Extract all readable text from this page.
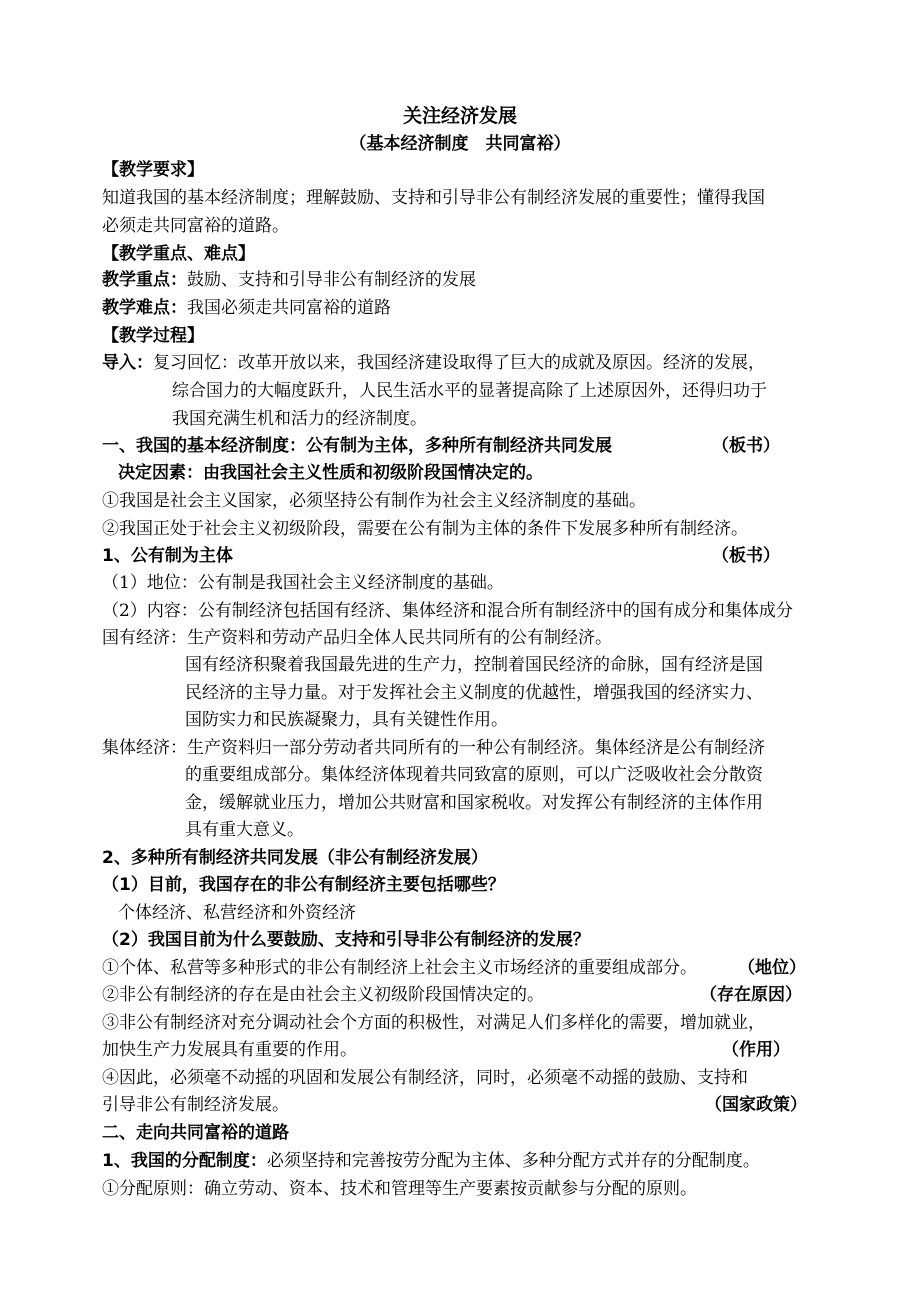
关注经济发展
（基本经济制度　共同富裕）
【教学要求】
知道我国的基本经济制度；理解鼓励、支持和引导非公有制经济发展的重要性；懂得我国
必须走共同富裕的道路。
【教学重点、难点】
教学重点：鼓励、支持和引导非公有制经济的发展
教学难点：我国必须走共同富裕的道路
【教学过程】
导入：复习回忆：改革开放以来，我国经济建设取得了巨大的成就及原因。经济的发展，
综合国力的大幅度跃升，人民生活水平的显著提高除了上述原因外，还得归功于
我国充满生机和活力的经济制度。
一、我国的基本经济制度：公有制为主体，多种所有制经济共同发展	（板书）
决定因素：由我国社会主义性质和初级阶段国情决定的。
①我国是社会主义国家，必须坚持公有制作为社会主义经济制度的基础。
②我国正处于社会主义初级阶段，需要在公有制为主体的条件下发展多种所有制经济。
1、公有制为主体	（板书）
（1）地位：公有制是我国社会主义经济制度的基础。
（2）内容：公有制经济包括国有经济、集体经济和混合所有制经济中的国有成分和集体成分
国有经济：生产资料和劳动产品归全体人民共同所有的公有制经济。
国有经济积聚着我国最先进的生产力，控制着国民经济的命脉，国有经济是国
民经济的主导力量。对于发挥社会主义制度的优越性，增强我国的经济实力、
国防实力和民族凝聚力，具有关键性作用。
集体经济：生产资料归一部分劳动者共同所有的一种公有制经济。集体经济是公有制经济
的重要组成部分。集体经济体现着共同致富的原则，可以广泛吸收社会分散资
金，缓解就业压力，增加公共财富和国家税收。对发挥公有制经济的主体作用
具有重大意义。
2、多种所有制经济共同发展（非公有制经济发展）
（1）目前，我国存在的非公有制经济主要包括哪些？
个体经济、私营经济和外资经济
（2）我国目前为什么要鼓励、支持和引导非公有制经济的发展？
①个体、私营等多种形式的非公有制经济上社会主义市场经济的重要组成部分。 （地位）
②非公有制经济的存在是由社会主义初级阶段国情决定的。	（存在原因）
③非公有制经济对充分调动社会个方面的积极性，对满足人们多样化的需要，增加就业，
加快生产力发展具有重要的作用。	（作用）
④因此，必须毫不动摇的巩固和发展公有制经济，同时，必须毫不动摇的鼓励、支持和
引导非公有制经济发展。	（国家政策）
二、走向共同富裕的道路
1、我国的分配制度：必须坚持和完善按劳分配为主体、多种分配方式并存的分配制度。
①分配原则：确立劳动、资本、技术和管理等生产要素按贡献参与分配的原则。
